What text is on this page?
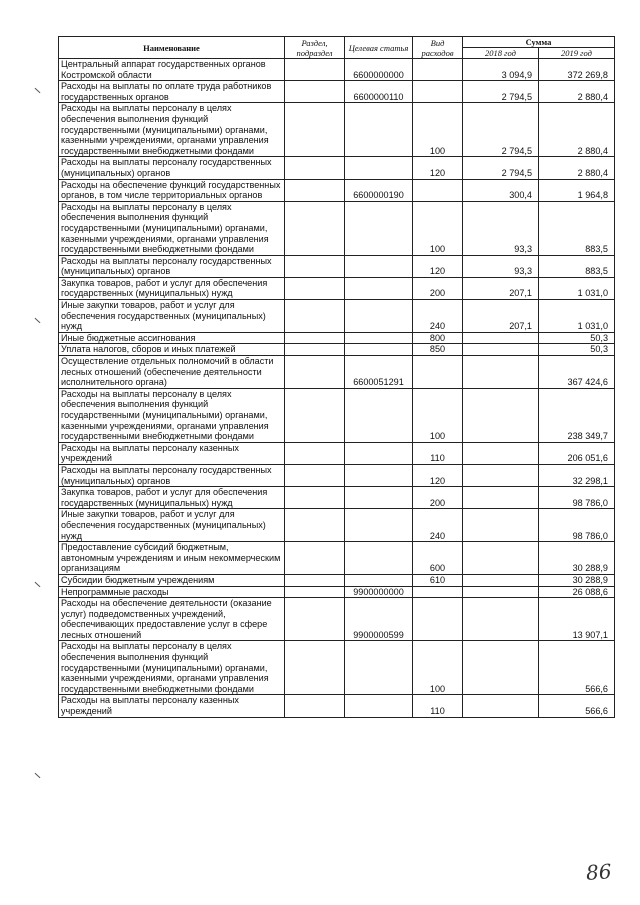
Наименование	Раздел, подраздел	Целевая статья	Вид расходов	Сумма	
				2018 год	2019 год
Центральный аппарат государственных органов Костромской области		6600000000		3 094,9	372 269,8
Расходы на выплаты по оплате труда работников государственных органов		6600000110		2 794,5	2 880,4
Расходы на выплаты персоналу в целях обеспечения выполнения функций государственными (муниципальными) органами, казенными учреждениями, органами управления государственными внебюджетными фондами			100	2 794,5	2 880,4
Расходы на выплаты персоналу государственных (муниципальных) органов			120	2 794,5	2 880,4
Расходы на обеспечение функций государственных органов, в том числе территориальных органов		6600000190		300,4	1 964,8
Расходы на выплаты персоналу в целях обеспечения выполнения функций государственными (муниципальными) органами, казенными учреждениями, органами управления государственными внебюджетными фондами			100	93,3	883,5
Расходы на выплаты персоналу государственных (муниципальных) органов			120	93,3	883,5
Закупка товаров, работ и услуг для обеспечения государственных (муниципальных) нужд			200	207,1	1 031,0
Иные закупки товаров, работ и услуг для обеспечения государственных (муниципальных) нужд			240	207,1	1 031,0
Иные бюджетные ассигнования			800		50,3
Уплата налогов, сборов и иных платежей			850		50,3
Осуществление отдельных полномочий в области лесных отношений (обеспечение деятельности исполнительного органа)		6600051291			367 424,6
Расходы на выплаты персоналу в целях обеспечения выполнения функций государственными (муниципальными) органами, казенными учреждениями, органами управления государственными внебюджетными фондами			100		238 349,7
Расходы на выплаты персоналу казенных учреждений			110		206 051,6
Расходы на выплаты персоналу государственных (муниципальных) органов			120		32 298,1
Закупка товаров, работ и услуг для обеспечения государственных (муниципальных) нужд			200		98 786,0
Иные закупки товаров, работ и услуг для обеспечения государственных (муниципальных) нужд			240		98 786,0
Предоставление субсидий бюджетным, автономным учреждениям и иным некоммерческим организациям			600		30 288,9
Субсидии бюджетным учреждениям			610		30 288,9
Непрограммные расходы		9900000000			26 088,6
Расходы на обеспечение деятельности (оказание услуг) подведомственных учреждений, обеспечивающих предоставление услуг в сфере лесных отношений		9900000599			13 907,1
Расходы на выплаты персоналу в целях обеспечения выполнения функций государственными (муниципальными) органами, казенными учреждениями, органами управления государственными внебюджетными фондами			100		566,6
Расходы на выплаты персоналу казенных учреждений			110		566,6
86
